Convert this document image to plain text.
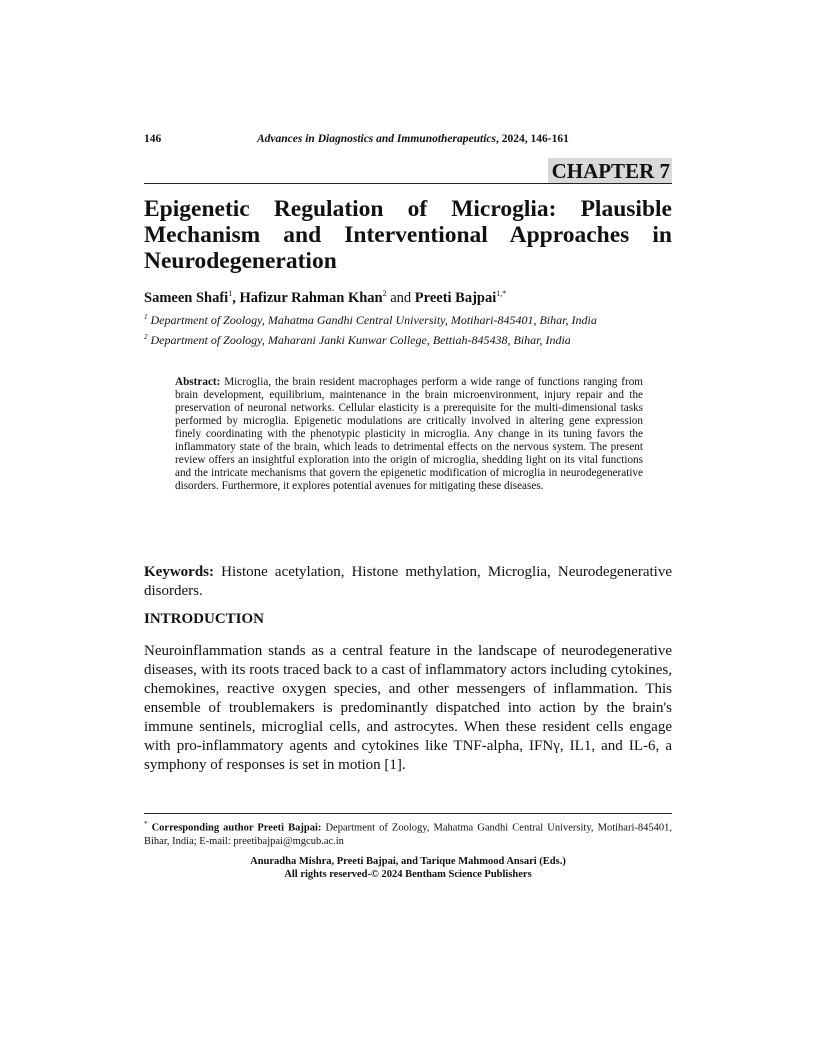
146	Advances in Diagnostics and Immunotherapeutics, 2024, 146-161
CHAPTER 7
Epigenetic Regulation of Microglia: Plausible Mechanism and Interventional Approaches in Neurodegeneration

Sameen Shafi$^1$, Hafizur Rahman Khan$^2$ and Preeti Bajpai$^{1,*}$

$^1$ Department of Zoology, Mahatma Gandhi Central University, Motihari-845401, Bihar, India

$^2$ Department of Zoology, Maharani Janki Kunwar College, Bettiah-845438, Bihar, India

Abstract: Microglia, the brain resident macrophages perform a wide range of functions ranging from brain development, equilibrium, maintenance in the brain microenvironment, injury repair and the preservation of neuronal networks. Cellular elasticity is a prerequisite for the multi-dimensional tasks performed by microglia. Epigenetic modulations are critically involved in altering gene expression finely coordinating with the phenotypic plasticity in microglia. Any change in its tuning favors the inflammatory state of the brain, which leads to detrimental effects on the nervous system. The present review offers an insightful exploration into the origin of microglia, shedding light on its vital functions and the intricate mechanisms that govern the epigenetic modification of microglia in neurodegenerative disorders. Furthermore, it explores potential avenues for mitigating these diseases.

Keywords: Histone acetylation, Histone methylation, Microglia, Neurodegenerative disorders.

INTRODUCTION

Neuroinflammation stands as a central feature in the landscape of neurodegenerative diseases, with its roots traced back to a cast of inflammatory actors including cytokines, chemokines, reactive oxygen species, and other messengers of inflammation. This ensemble of troublemakers is predominantly dispatched into action by the brain's immune sentinels, microglial cells, and astrocytes. When these resident cells engage with pro-inflammatory agents and cytokines like TNF-alpha, IFNγ, IL1, and IL-6, a symphony of responses is set in motion [1].

* Corresponding author Preeti Bajpai: Department of Zoology, Mahatma Gandhi Central University, Motihari-845401, Bihar, India; E-mail: preetibajpai@mgcub.ac.in

Anuradha Mishra, Preeti Bajpai, and Tarique Mahmood Ansari (Eds.)
All rights reserved-© 2024 Bentham Science Publishers
